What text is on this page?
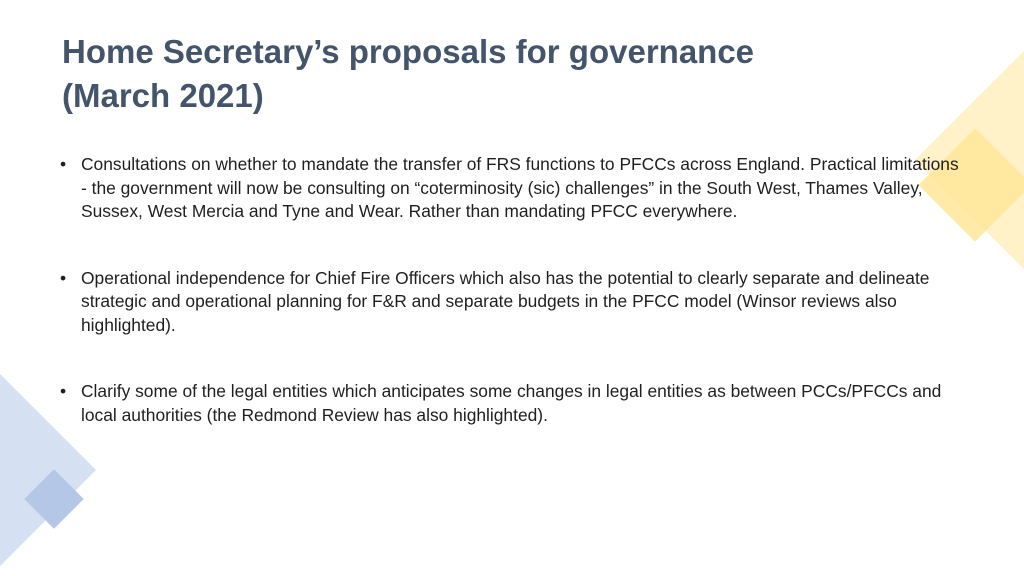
Home Secretary’s proposals for governance
(March 2021)
• Consultations on whether to mandate the transfer of FRS functions to PFCCs across England. Practical limitations - the government will now be consulting on “coterminosity (sic) challenges” in the South West, Thames Valley, Sussex, West Mercia and Tyne and Wear. Rather than mandating PFCC everywhere.
• Operational independence for Chief Fire Officers which also has the potential to clearly separate and delineate strategic and operational planning for F&R and separate budgets in the PFCC model (Winsor reviews also highlighted).
• Clarify some of the legal entities which anticipates some changes in legal entities as between PCCs/PFCCs and local authorities (the Redmond Review has also highlighted).
